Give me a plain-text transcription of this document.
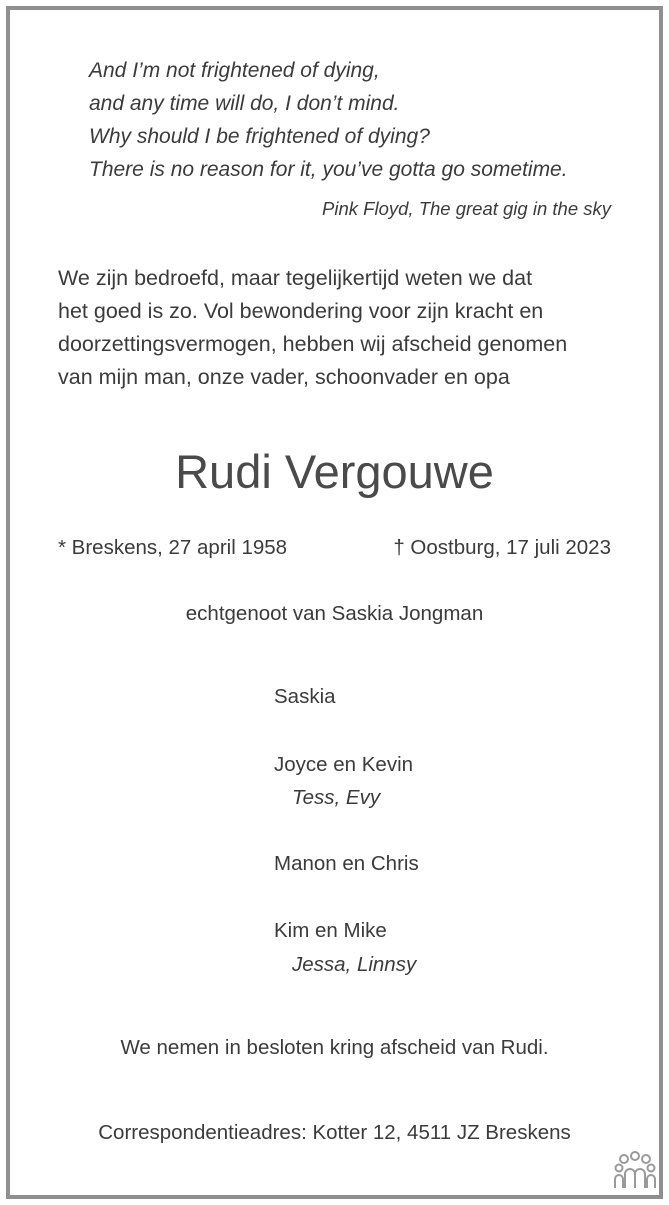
And I’m not frightened of dying,
and any time will do, I don’t mind.
Why should I be frightened of dying?
There is no reason for it, you’ve gotta go sometime.
Pink Floyd, The great gig in the sky
We zijn bedroefd, maar tegelijkertijd weten we dat
het goed is zo. Vol bewondering voor zijn kracht en
doorzettingsvermogen, hebben wij afscheid genomen
van mijn man, onze vader, schoonvader en opa
Rudi Vergouwe
* Breskens, 27 april 1958	† Oostburg, 17 juli 2023
echtgenoot van Saskia Jongman
Saskia
Joyce en Kevin
Tess, Evy
Manon en Chris
Kim en Mike
Jessa, Linnsy
We nemen in besloten kring afscheid van Rudi.
Correspondentieadres: Kotter 12, 4511 JZ Breskens
